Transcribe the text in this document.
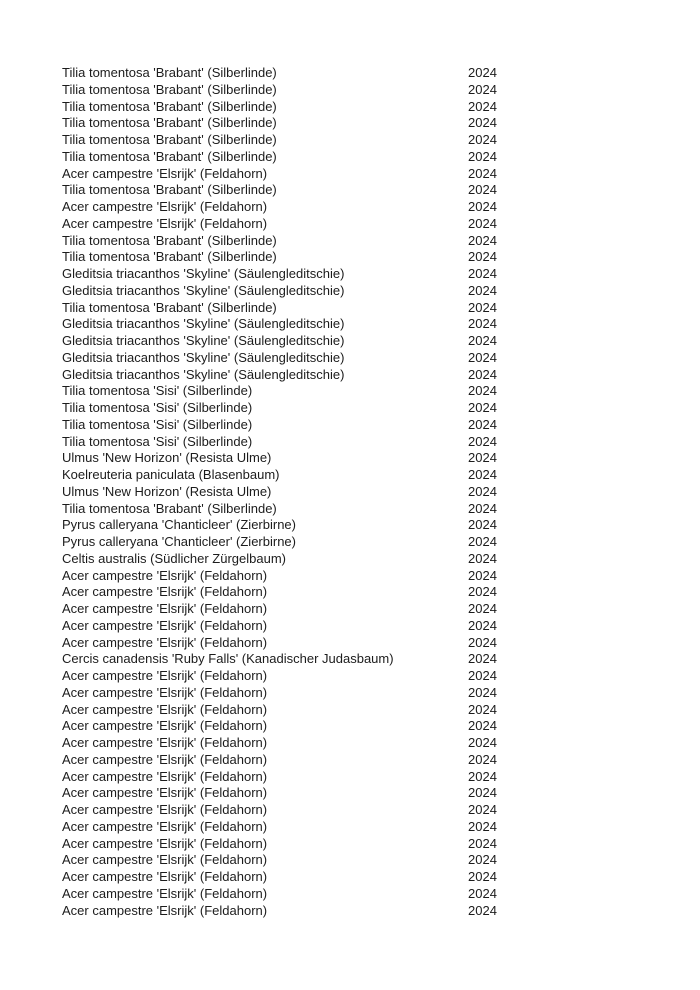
Tilia tomentosa 'Brabant' (Silberlinde)	2024
Tilia tomentosa 'Brabant' (Silberlinde)	2024
Tilia tomentosa 'Brabant' (Silberlinde)	2024
Tilia tomentosa 'Brabant' (Silberlinde)	2024
Tilia tomentosa 'Brabant' (Silberlinde)	2024
Tilia tomentosa 'Brabant' (Silberlinde)	2024
Acer campestre 'Elsrijk' (Feldahorn)	2024
Tilia tomentosa 'Brabant' (Silberlinde)	2024
Acer campestre 'Elsrijk' (Feldahorn)	2024
Acer campestre 'Elsrijk' (Feldahorn)	2024
Tilia tomentosa 'Brabant' (Silberlinde)	2024
Tilia tomentosa 'Brabant' (Silberlinde)	2024
Gleditsia triacanthos 'Skyline' (Säulengleditschie)	2024
Gleditsia triacanthos 'Skyline' (Säulengleditschie)	2024
Tilia tomentosa 'Brabant' (Silberlinde)	2024
Gleditsia triacanthos 'Skyline' (Säulengleditschie)	2024
Gleditsia triacanthos 'Skyline' (Säulengleditschie)	2024
Gleditsia triacanthos 'Skyline' (Säulengleditschie)	2024
Gleditsia triacanthos 'Skyline' (Säulengleditschie)	2024
Tilia tomentosa 'Sisi' (Silberlinde)	2024
Tilia tomentosa 'Sisi' (Silberlinde)	2024
Tilia tomentosa 'Sisi' (Silberlinde)	2024
Tilia tomentosa 'Sisi' (Silberlinde)	2024
Ulmus 'New Horizon' (Resista Ulme)	2024
Koelreuteria paniculata (Blasenbaum)	2024
Ulmus 'New Horizon' (Resista Ulme)	2024
Tilia tomentosa 'Brabant' (Silberlinde)	2024
Pyrus calleryana 'Chanticleer' (Zierbirne)	2024
Pyrus calleryana 'Chanticleer' (Zierbirne)	2024
Celtis australis (Südlicher Zürgelbaum)	2024
Acer campestre 'Elsrijk' (Feldahorn)	2024
Acer campestre 'Elsrijk' (Feldahorn)	2024
Acer campestre 'Elsrijk' (Feldahorn)	2024
Acer campestre 'Elsrijk' (Feldahorn)	2024
Acer campestre 'Elsrijk' (Feldahorn)	2024
Cercis canadensis 'Ruby Falls' (Kanadischer Judasbaum)	2024
Acer campestre 'Elsrijk' (Feldahorn)	2024
Acer campestre 'Elsrijk' (Feldahorn)	2024
Acer campestre 'Elsrijk' (Feldahorn)	2024
Acer campestre 'Elsrijk' (Feldahorn)	2024
Acer campestre 'Elsrijk' (Feldahorn)	2024
Acer campestre 'Elsrijk' (Feldahorn)	2024
Acer campestre 'Elsrijk' (Feldahorn)	2024
Acer campestre 'Elsrijk' (Feldahorn)	2024
Acer campestre 'Elsrijk' (Feldahorn)	2024
Acer campestre 'Elsrijk' (Feldahorn)	2024
Acer campestre 'Elsrijk' (Feldahorn)	2024
Acer campestre 'Elsrijk' (Feldahorn)	2024
Acer campestre 'Elsrijk' (Feldahorn)	2024
Acer campestre 'Elsrijk' (Feldahorn)	2024
Acer campestre 'Elsrijk' (Feldahorn)	2024
